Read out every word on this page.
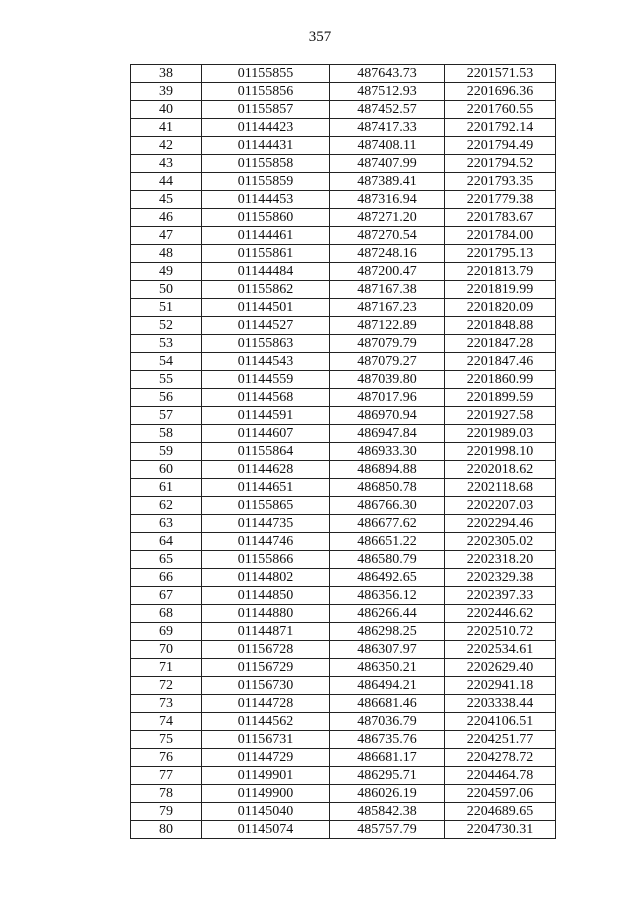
357
38	01155855	487643.73	2201571.53
39	01155856	487512.93	2201696.36
40	01155857	487452.57	2201760.55
41	01144423	487417.33	2201792.14
42	01144431	487408.11	2201794.49
43	01155858	487407.99	2201794.52
44	01155859	487389.41	2201793.35
45	01144453	487316.94	2201779.38
46	01155860	487271.20	2201783.67
47	01144461	487270.54	2201784.00
48	01155861	487248.16	2201795.13
49	01144484	487200.47	2201813.79
50	01155862	487167.38	2201819.99
51	01144501	487167.23	2201820.09
52	01144527	487122.89	2201848.88
53	01155863	487079.79	2201847.28
54	01144543	487079.27	2201847.46
55	01144559	487039.80	2201860.99
56	01144568	487017.96	2201899.59
57	01144591	486970.94	2201927.58
58	01144607	486947.84	2201989.03
59	01155864	486933.30	2201998.10
60	01144628	486894.88	2202018.62
61	01144651	486850.78	2202118.68
62	01155865	486766.30	2202207.03
63	01144735	486677.62	2202294.46
64	01144746	486651.22	2202305.02
65	01155866	486580.79	2202318.20
66	01144802	486492.65	2202329.38
67	01144850	486356.12	2202397.33
68	01144880	486266.44	2202446.62
69	01144871	486298.25	2202510.72
70	01156728	486307.97	2202534.61
71	01156729	486350.21	2202629.40
72	01156730	486494.21	2202941.18
73	01144728	486681.46	2203338.44
74	01144562	487036.79	2204106.51
75	01156731	486735.76	2204251.77
76	01144729	486681.17	2204278.72
77	01149901	486295.71	2204464.78
78	01149900	486026.19	2204597.06
79	01145040	485842.38	2204689.65
80	01145074	485757.79	2204730.31
